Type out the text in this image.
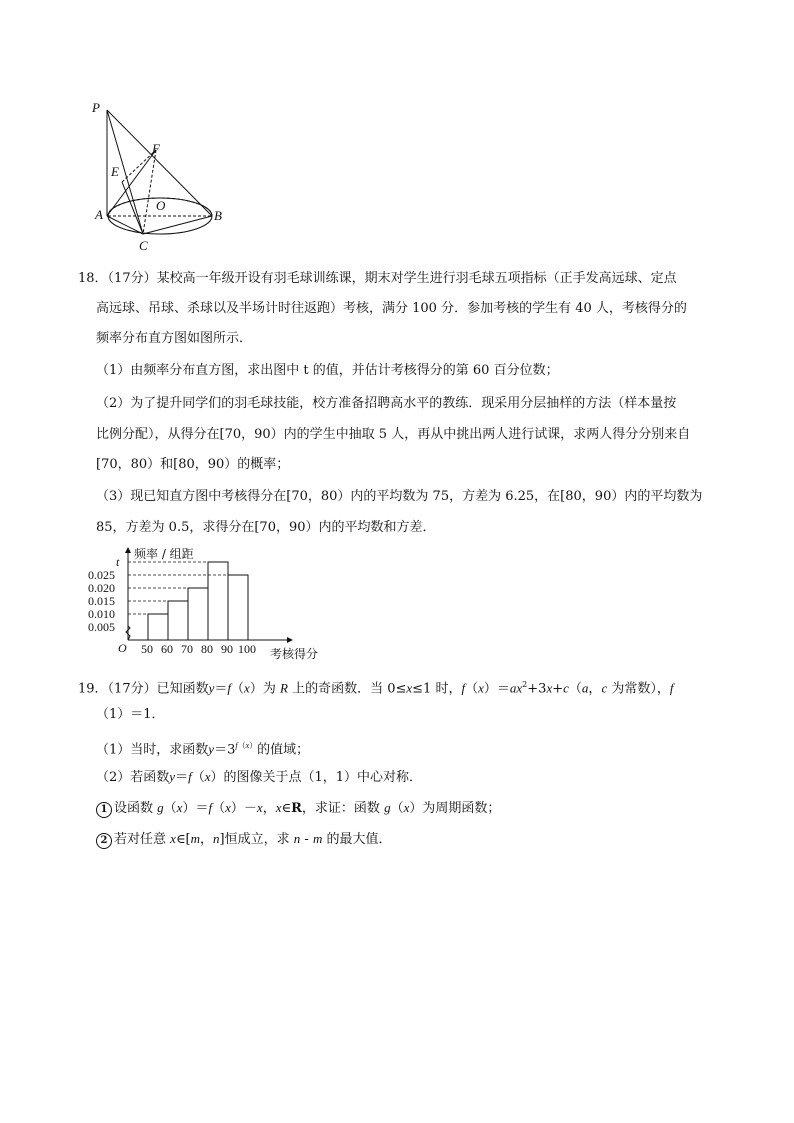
P
E
F
A
O
B
C
18．（17分）某校高一年级开设有羽毛球训练课，期末对学生进行羽毛球五项指标（正手发高远球、定点
高远球、吊球、杀球以及半场计时往返跑）考核，满分 100 分．参加考核的学生有 40 人，考核得分的
频率分布直方图如图所示．
（1）由频率分布直方图，求出图中 t 的值，并估计考核得分的第 60 百分位数；
（2）为了提升同学们的羽毛球技能，校方准备招聘高水平的教练．现采用分层抽样的方法（样本量按
比例分配），从得分在[70，90）内的学生中抽取 5 人，再从中挑出两人进行试课，求两人得分分别来自
[70，80）和[80，90）的概率；
（3）现已知直方图中考核得分在[70，80）内的平均数为 75，方差为 6.25，在[80，90）内的平均数为
85，方差为 0.5，求得分在[70，90）内的平均数和方差．
频率 / 组距
考核得分
O
0.005
0.010
0.015
0.020
0.025
t
50 60 70 80 90 100
19．（17分）已知函数y＝f（x）为 R 上的奇函数．当 0≤x≤1 时，$f(x)=ax^2+3x+c(a$，c 为常数），f
（1）＝1．
（1）当时，求函数$y=3^{f(x)}$的值域；
（2）若函数y＝f（x）的图像关于点（1，1）中心对称．
1 设函数 g（x）＝f（x）－x，x∈R，求证：函数 g（x）为周期函数；
2 若对任意 x∈[m，n]恒成立，求 n - m 的最大值．
